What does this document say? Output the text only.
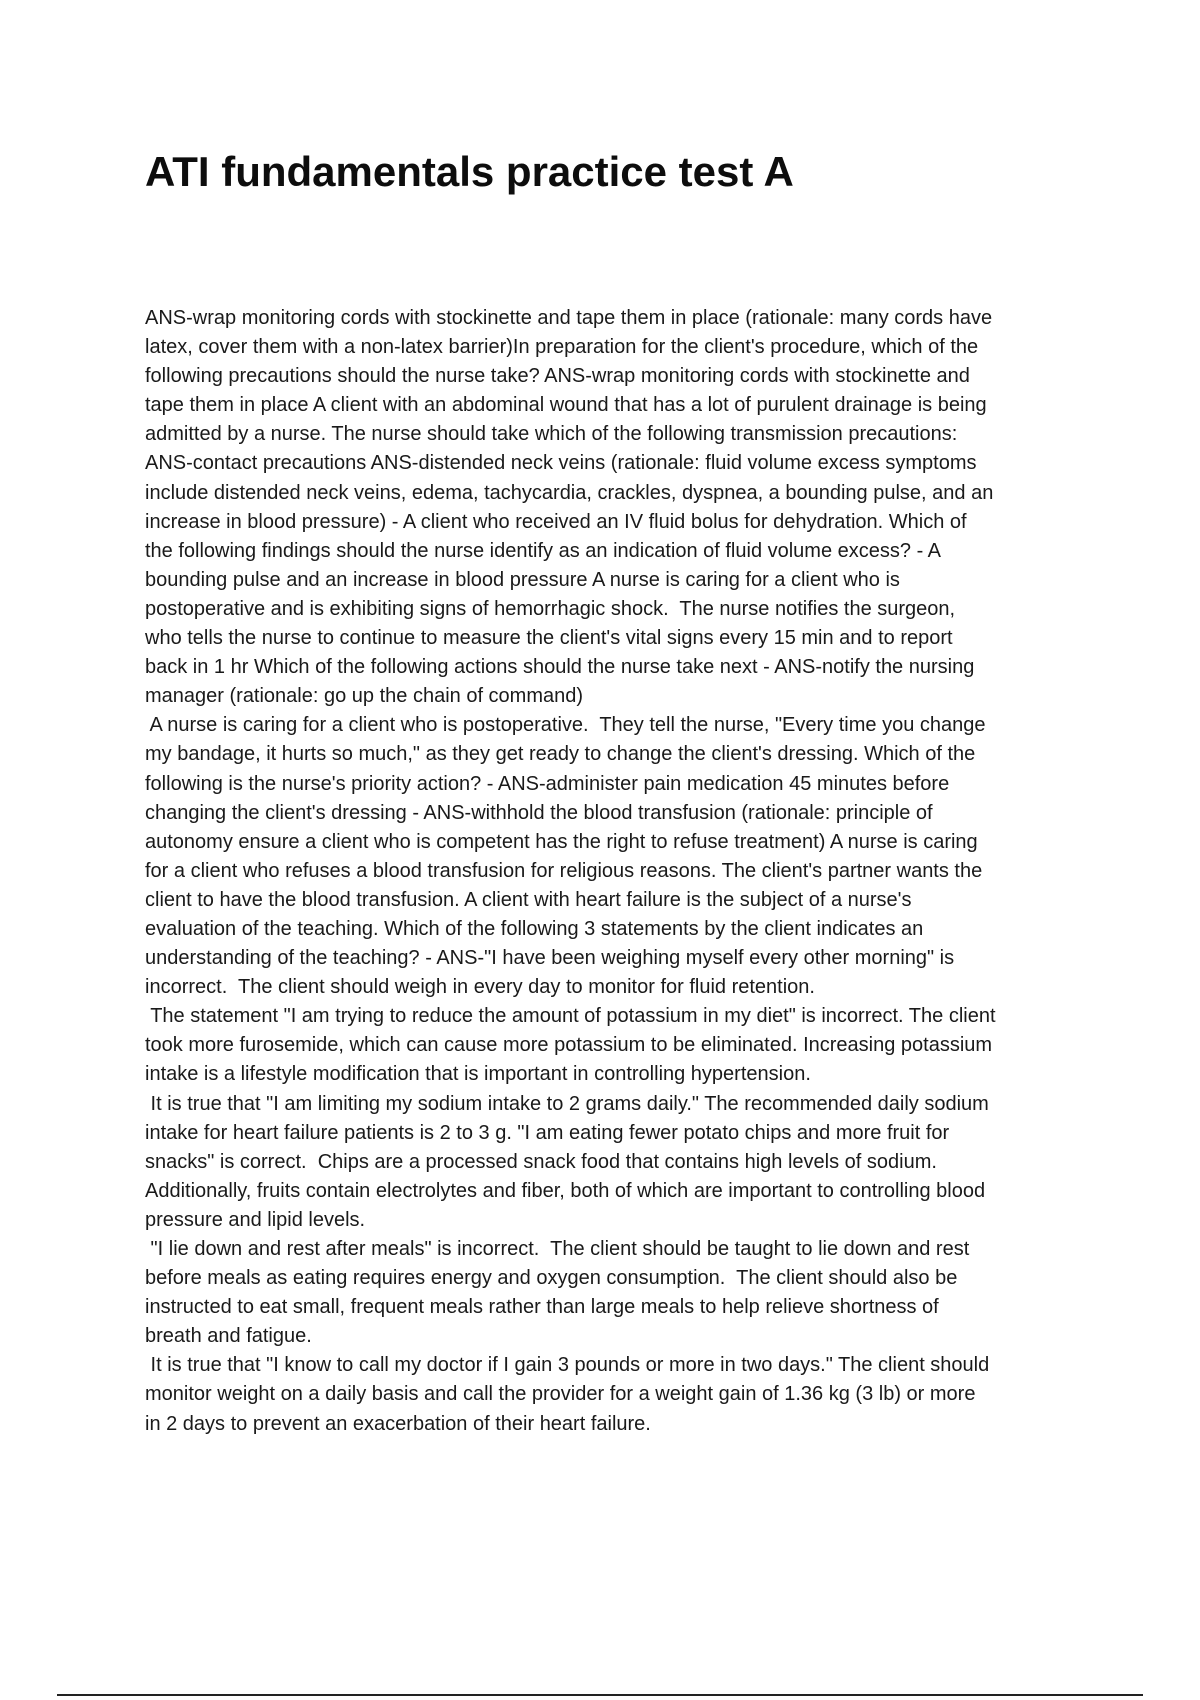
ATI fundamentals practice test A
ANS-wrap monitoring cords with stockinette and tape them in place (rationale: many cords have
latex, cover them with a non-latex barrier)In preparation for the client's procedure, which of the
following precautions should the nurse take? ANS-wrap monitoring cords with stockinette and
tape them in place A client with an abdominal wound that has a lot of purulent drainage is being
admitted by a nurse. The nurse should take which of the following transmission precautions:
ANS-contact precautions ANS-distended neck veins (rationale: fluid volume excess symptoms
include distended neck veins, edema, tachycardia, crackles, dyspnea, a bounding pulse, and an
increase in blood pressure) - A client who received an IV fluid bolus for dehydration. Which of
the following findings should the nurse identify as an indication of fluid volume excess? - A
bounding pulse and an increase in blood pressure A nurse is caring for a client who is
postoperative and is exhibiting signs of hemorrhagic shock.  The nurse notifies the surgeon,
who tells the nurse to continue to measure the client's vital signs every 15 min and to report
back in 1 hr Which of the following actions should the nurse take next - ANS-notify the nursing
manager (rationale: go up the chain of command)
A nurse is caring for a client who is postoperative.  They tell the nurse, "Every time you change
my bandage, it hurts so much," as they get ready to change the client's dressing. Which of the
following is the nurse's priority action? - ANS-administer pain medication 45 minutes before
changing the client's dressing - ANS-withhold the blood transfusion (rationale: principle of
autonomy ensure a client who is competent has the right to refuse treatment) A nurse is caring
for a client who refuses a blood transfusion for religious reasons. The client's partner wants the
client to have the blood transfusion. A client with heart failure is the subject of a nurse's
evaluation of the teaching. Which of the following 3 statements by the client indicates an
understanding of the teaching? - ANS-"I have been weighing myself every other morning" is
incorrect.  The client should weigh in every day to monitor for fluid retention.
The statement "I am trying to reduce the amount of potassium in my diet" is incorrect. The client
took more furosemide, which can cause more potassium to be eliminated. Increasing potassium
intake is a lifestyle modification that is important in controlling hypertension.
It is true that "I am limiting my sodium intake to 2 grams daily." The recommended daily sodium
intake for heart failure patients is 2 to 3 g. "I am eating fewer potato chips and more fruit for
snacks" is correct.  Chips are a processed snack food that contains high levels of sodium.
Additionally, fruits contain electrolytes and fiber, both of which are important to controlling blood
pressure and lipid levels.
"I lie down and rest after meals" is incorrect.  The client should be taught to lie down and rest
before meals as eating requires energy and oxygen consumption.  The client should also be
instructed to eat small, frequent meals rather than large meals to help relieve shortness of
breath and fatigue.
It is true that "I know to call my doctor if I gain 3 pounds or more in two days." The client should
monitor weight on a daily basis and call the provider for a weight gain of 1.36 kg (3 lb) or more
in 2 days to prevent an exacerbation of their heart failure.
